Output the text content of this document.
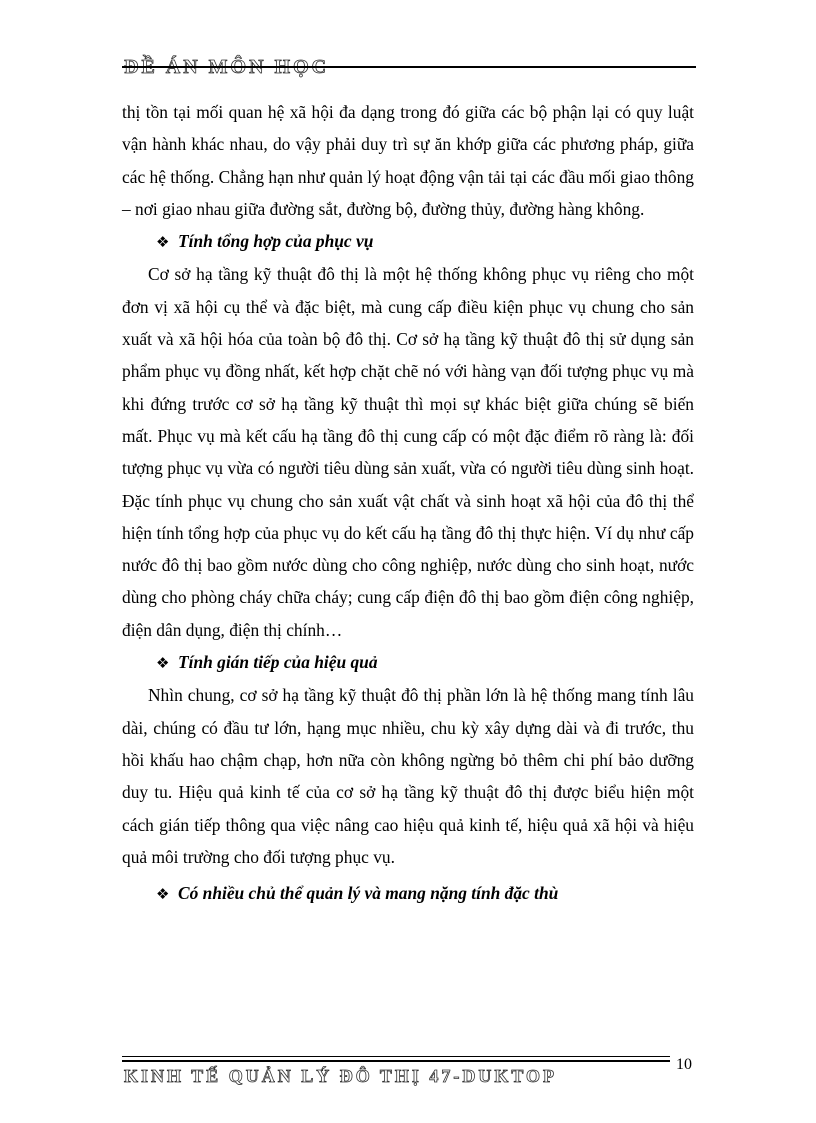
ĐỀ ÁN MÔN HỌC

thị tồn tại mối quan hệ xã hội đa dạng trong đó giữa các bộ phận lại có quy luật vận hành khác nhau, do vậy phải duy trì sự ăn khớp giữa các phương pháp, giữa các hệ thống. Chẳng hạn như quản lý hoạt động vận tải tại các đầu mối giao thông – nơi giao nhau giữa đường sắt, đường bộ, đường thủy, đường hàng không.

❖ Tính tổng hợp của phục vụ

Cơ sở hạ tầng kỹ thuật đô thị là một hệ thống không phục vụ riêng cho một đơn vị xã hội cụ thể và đặc biệt, mà cung cấp điều kiện phục vụ chung cho sản xuất và xã hội hóa của toàn bộ đô thị. Cơ sở hạ tầng kỹ thuật đô thị sử dụng sản phẩm phục vụ đồng nhất, kết hợp chặt chẽ nó với hàng vạn đối tượng phục vụ mà khi đứng trước cơ sở hạ tầng kỹ thuật thì mọi sự khác biệt giữa chúng sẽ biến mất. Phục vụ mà kết cấu hạ tầng đô thị cung cấp có một đặc điểm rõ ràng là: đối tượng phục vụ vừa có người tiêu dùng sản xuất, vừa có người tiêu dùng sinh hoạt. Đặc tính phục vụ chung cho sản xuất vật chất và sinh hoạt xã hội của đô thị thể hiện tính tổng hợp của phục vụ do kết cấu hạ tầng đô thị thực hiện. Ví dụ như cấp nước đô thị bao gồm nước dùng cho công nghiệp, nước dùng cho sinh hoạt, nước dùng cho phòng cháy chữa cháy; cung cấp điện đô thị bao gồm điện công nghiệp, điện dân dụng, điện thị chính…

❖ Tính gián tiếp của hiệu quả

Nhìn chung, cơ sở hạ tầng kỹ thuật đô thị phần lớn là hệ thống mang tính lâu dài, chúng có đầu tư lớn, hạng mục nhiều, chu kỳ xây dựng dài và đi trước, thu hồi khấu hao chậm chạp, hơn nữa còn không ngừng bỏ thêm chi phí bảo dưỡng duy tu. Hiệu quả kinh tế của cơ sở hạ tầng kỹ thuật đô thị được biểu hiện một cách gián tiếp thông qua việc nâng cao hiệu quả kinh tế, hiệu quả xã hội và hiệu quả môi trường cho đối tượng phục vụ.

❖ Có nhiều chủ thể quản lý và mang nặng tính đặc thù

KINH TẾ QUẢN LÝ ĐÔ THỊ 47-DUKTOP
10
